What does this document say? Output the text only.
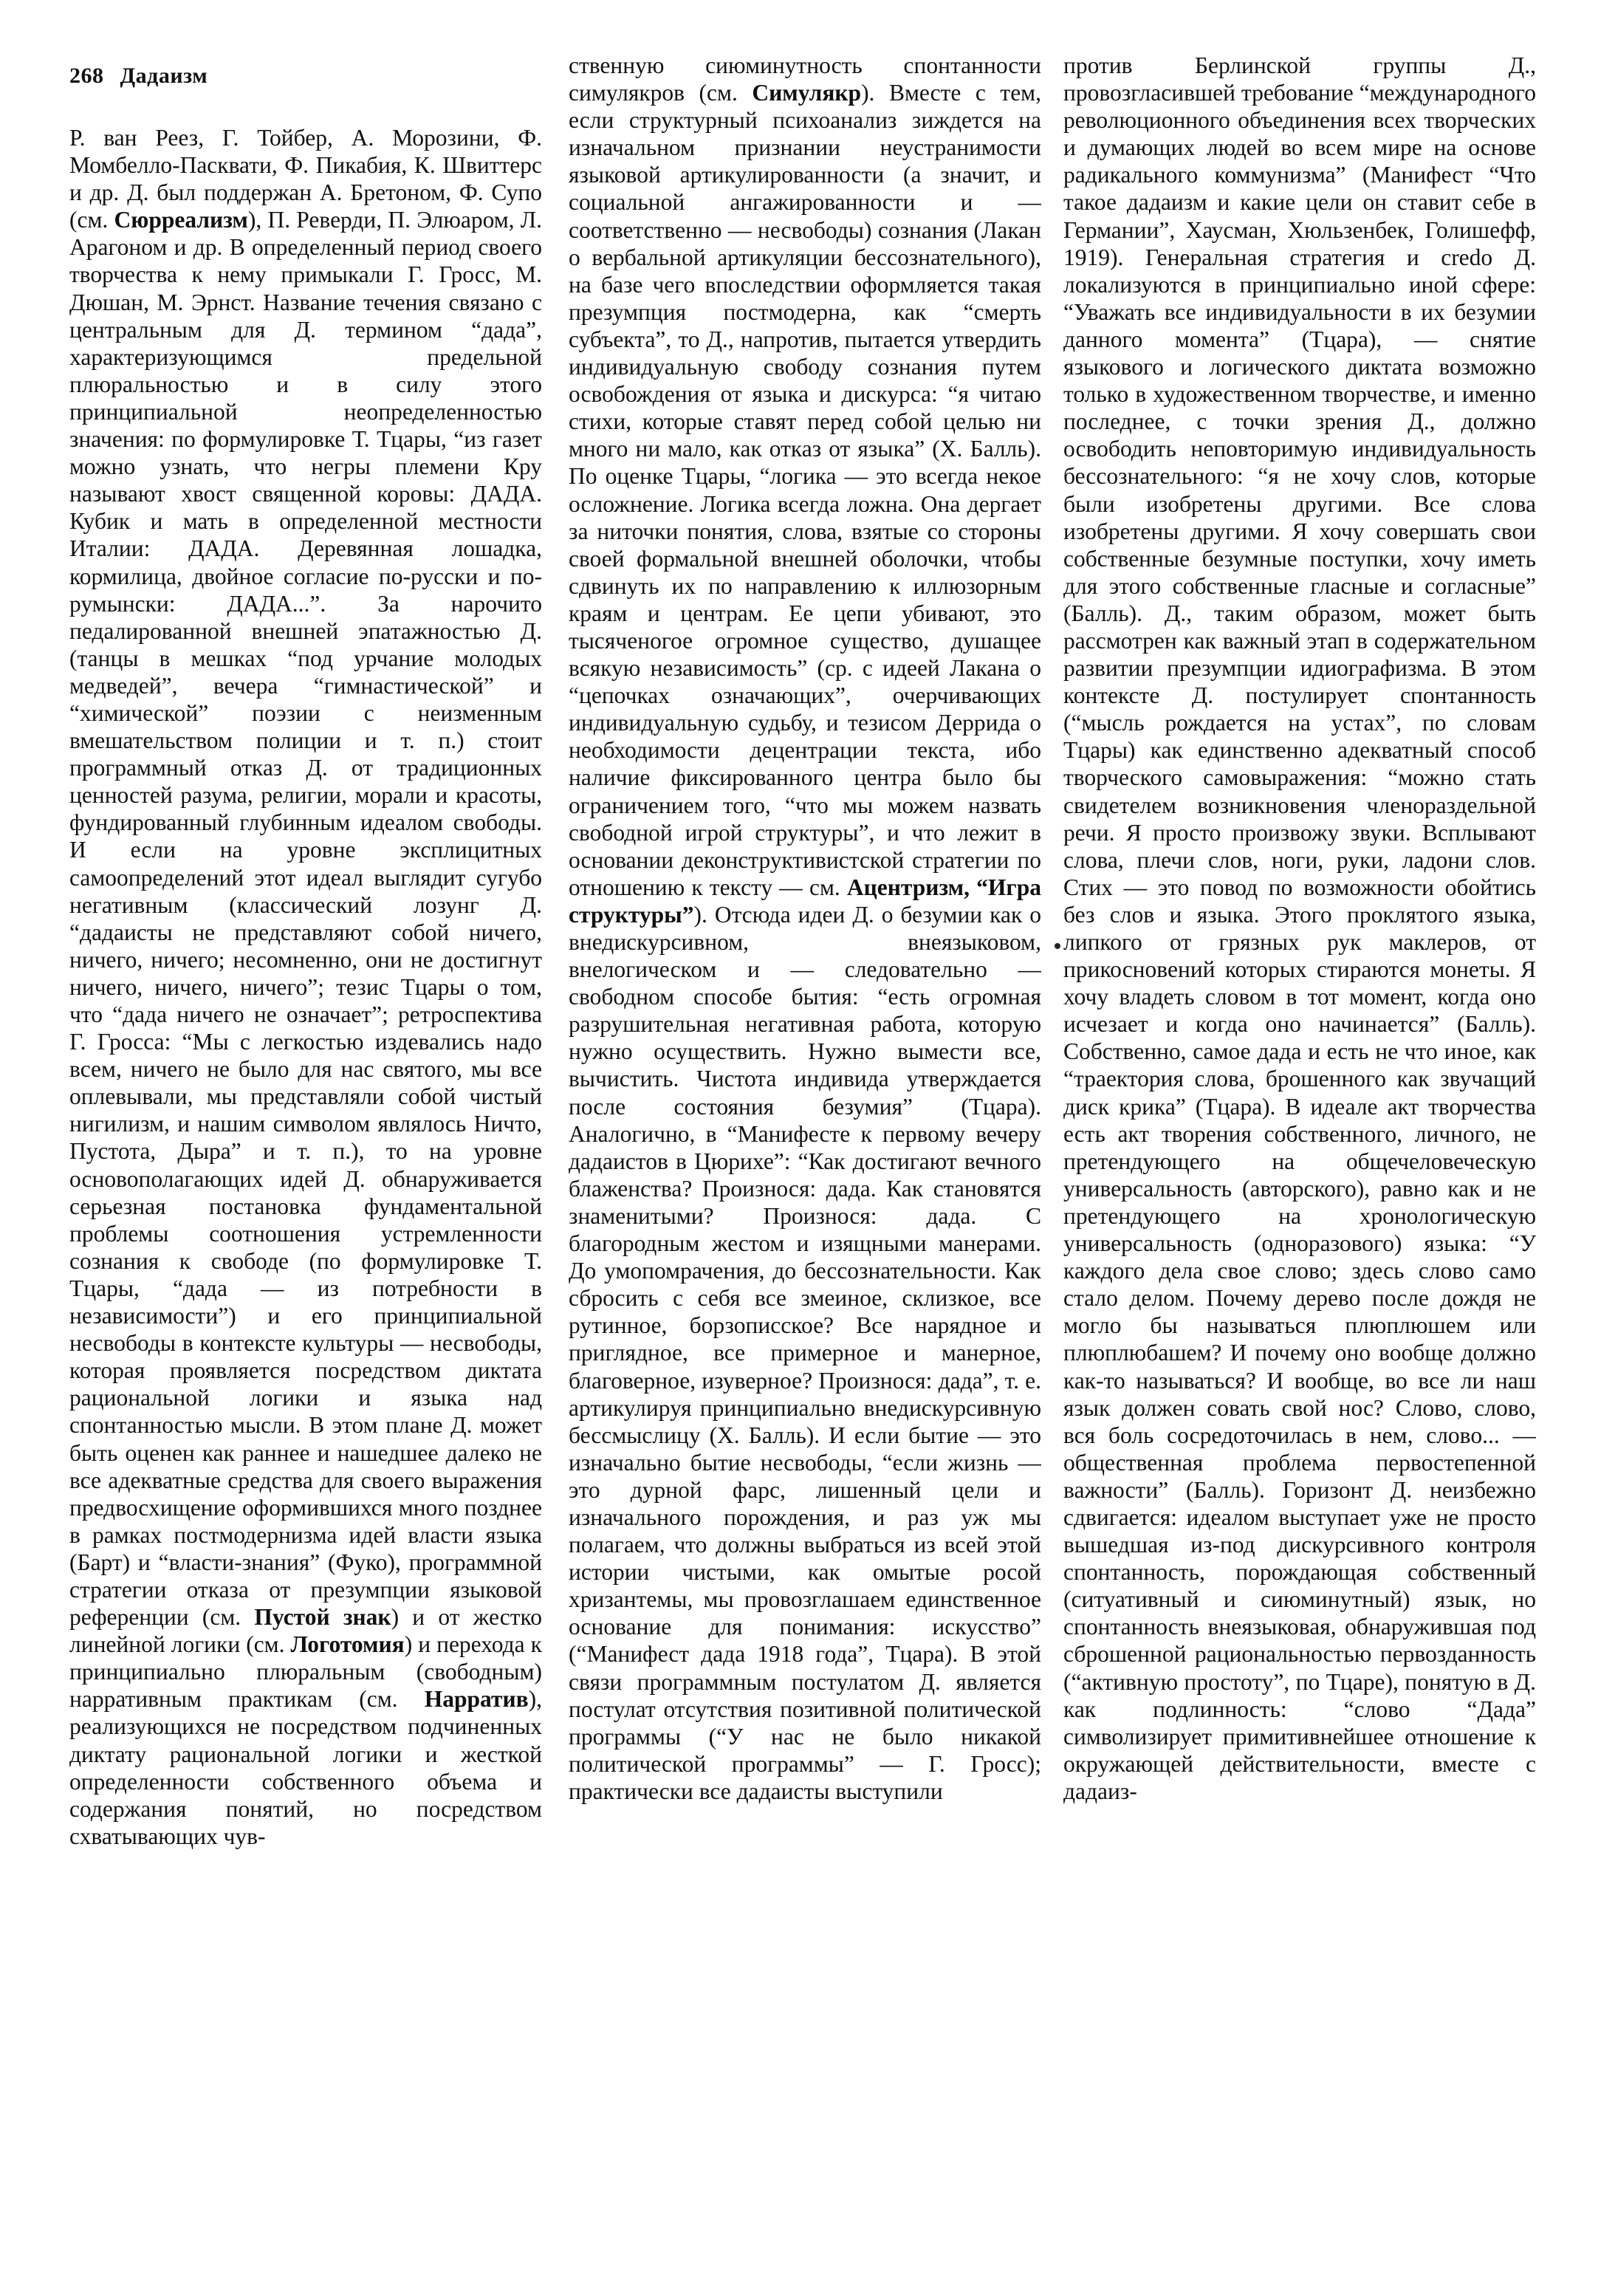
268 Дадаизм

Р. ван Реез, Г. Тойбер, А. Морозини, Ф. Момбелло-Пасквати, Ф. Пикабия, К. Швиттерс и др. Д. был поддержан А. Бретоном, Ф. Супо (см. Сюрреализм), П. Реверди, П. Элюаром, Л. Арагоном и др. В определенный период своего творчества к нему примыкали Г. Гросс, М. Дюшан, М. Эрнст. Название течения связано с центральным для Д. термином “дада”, характеризующимся предельной плюральностью и в силу этого принципиальной неопределенностью значения: по формулировке Т. Тцары, “из газет можно узнать, что негры племени Кру называют хвост священной коровы: ДАДА. Кубик и мать в определенной местности Италии: ДАДА. Деревянная лошадка, кормилица, двойное согласие по-русски и по-румынски: ДАДА...”. За нарочито педалированной внешней эпатажностью Д. (танцы в мешках “под урчание молодых медведей”, вечера “гимнастической” и “химической” поэзии с неизменным вмешательством полиции и т. п.) стоит программный отказ Д. от традиционных ценностей разума, религии, морали и красоты, фундированный глубинным идеалом свободы. И если на уровне эксплицитных самоопределений этот идеал выглядит сугубо негативным (классический лозунг Д. “дадаисты не представляют собой ничего, ничего, ничего; несомненно, они не достигнут ничего, ничего, ничего”; тезис Тцары о том, что “дада ничего не означает”; ретроспектива Г. Гросса: “Мы с легкостью издевались надо всем, ничего не было для нас святого, мы все оплевывали, мы представляли собой чистый нигилизм, и нашим символом являлось Ничто, Пустота, Дыра” и т. п.), то на уровне основополагающих идей Д. обнаруживается серьезная постановка фундаментальной проблемы соотношения устремленности сознания к свободе (по формулировке Т. Тцары, “дада — из потребности в независимости”) и его принципиальной несвободы в контексте культуры — несвободы, которая проявляется посредством диктата рациональной логики и языка над спонтанностью мысли. В этом плане Д. может быть оценен как раннее и нашедшее далеко не все адекватные средства для своего выражения предвосхищение оформившихся много позднее в рамках постмодернизма идей власти языка (Барт) и “власти-знания” (Фуко), программной стратегии отказа от презумпции языковой референции (см. Пустой знак) и от жестко линейной логики (см. Логотомия) и перехода к принципиально плюральным (свободным) нарративным практикам (см. Нарратив), реализующихся не посредством подчиненных диктату рациональной логики и жесткой определенности собственного объема и содержания понятий, но посредством схватывающих чув-

ственную сиюминутность спонтанности симулякров (см. Симулякр). Вместе с тем, если структурный психоанализ зиждется на изначальном признании неустранимости языковой артикулированности (а значит, и социальной ангажированности и — соответственно — несвободы) сознания (Лакан о вербальной артикуляции бессознательного), на базе чего впоследствии оформляется такая презумпция постмодерна, как “смерть субъекта”, то Д., напротив, пытается утвердить индивидуальную свободу сознания путем освобождения от языка и дискурса: “я читаю стихи, которые ставят перед собой целью ни много ни мало, как отказ от языка” (Х. Балль). По оценке Тцары, “логика — это всегда некое осложнение. Логика всегда ложна. Она дергает за ниточки понятия, слова, взятые со стороны своей формальной внешней оболочки, чтобы сдвинуть их по направлению к иллюзорным краям и центрам. Ее цепи убивают, это тысяченогое огромное существо, душащее всякую независимость” (ср. с идеей Лакана о “цепочках означающих”, очерчивающих индивидуальную судьбу, и тезисом Деррида о необходимости децентрации текста, ибо наличие фиксированного центра было бы ограничением того, “что мы можем назвать свободной игрой структуры”, и что лежит в основании деконструктивистской стратегии по отношению к тексту — см. Ацентризм, “Игра структуры”). Отсюда идеи Д. о безумии как о внедискурсивном, внеязыковом, внелогическом и — следовательно — свободном способе бытия: “есть огромная разрушительная негативная работа, которую нужно осуществить. Нужно вымести все, вычистить. Чистота индивида утверждается после состояния безумия” (Тцара). Аналогично, в “Манифесте к первому вечеру дадаистов в Цюрихе”: “Как достигают вечного блаженства? Произнося: дада. Как становятся знаменитыми? Произнося: дада. С благородным жестом и изящными манерами. До умопомрачения, до бессознательности. Как сбросить с себя все змеиное, склизкое, все рутинное, борзописское? Все нарядное и приглядное, все примерное и манерное, благоверное, изуверное? Произнося: дада”, т. е. артикулируя принципиально внедискурсивную бессмыслицу (Х. Балль). И если бытие — это изначально бытие несвободы, “если жизнь — это дурной фарс, лишенный цели и изначального порождения, и раз уж мы полагаем, что должны выбраться из всей этой истории чистыми, как омытые росой хризантемы, мы провозглашаем единственное основание для понимания: искусство” (“Манифест дада 1918 года”, Тцара). В этой связи программным постулатом Д. является постулат отсутствия позитивной политической программы (“У нас не было никакой политической программы” — Г. Гросс); практически все дадаисты выступили

против Берлинской группы Д., провозгласившей требование “международного революционного объединения всех творческих и думающих людей во всем мире на основе радикального коммунизма” (Манифест “Что такое дадаизм и какие цели он ставит себе в Германии”, Хаусман, Хюльзенбек, Голишефф, 1919). Генеральная стратегия и credo Д. локализуются в принципиально иной сфере: “Уважать все индивидуальности в их безумии данного момента” (Тцара), — снятие языкового и логического диктата возможно только в художественном творчестве, и именно последнее, с точки зрения Д., должно освободить неповторимую индивидуальность бессознательного: “я не хочу слов, которые были изобретены другими. Все слова изобретены другими. Я хочу совершать свои собственные безумные поступки, хочу иметь для этого собственные гласные и согласные” (Балль). Д., таким образом, может быть рассмотрен как важный этап в содержательном развитии презумпции идиографизма. В этом контексте Д. постулирует спонтанность (“мысль рождается на устах”, по словам Тцары) как единственно адекватный способ творческого самовыражения: “можно стать свидетелем возникновения членораздельной речи. Я просто произвожу звуки. Всплывают слова, плечи слов, ноги, руки, ладони слов. Стих — это повод по возможности обойтись без слов и языка. Этого проклятого языка, липкого от грязных рук маклеров, от прикосновений которых стираются монеты. Я хочу владеть словом в тот момент, когда оно исчезает и когда оно начинается” (Балль). Собственно, самое дада и есть не что иное, как “траектория слова, брошенного как звучащий диск крика” (Тцара). В идеале акт творчества есть акт творения собственного, личного, не претендующего на общечеловеческую универсальность (авторского), равно как и не претендующего на хронологическую универсальность (одноразового) языка: “У каждого дела свое слово; здесь слово само стало делом. Почему дерево после дождя не могло бы называться плюплюшем или плюплюбашем? И почему оно вообще должно как-то называться? И вообще, во все ли наш язык должен совать свой нос? Слово, слово, вся боль сосредоточилась в нем, слово... — общественная проблема первостепенной важности” (Балль). Горизонт Д. неизбежно сдвигается: идеалом выступает уже не просто вышедшая из-под дискурсивного контроля спонтанность, порождающая собственный (ситуативный и сиюминутный) язык, но спонтанность внеязыковая, обнаружившая под сброшенной рациональностью первозданность (“активную простоту”, по Тцаре), понятую в Д. как подлинность: “слово “Дада” символизирует примитивнейшее отношение к окружающей действительности, вместе с дадаиз-
